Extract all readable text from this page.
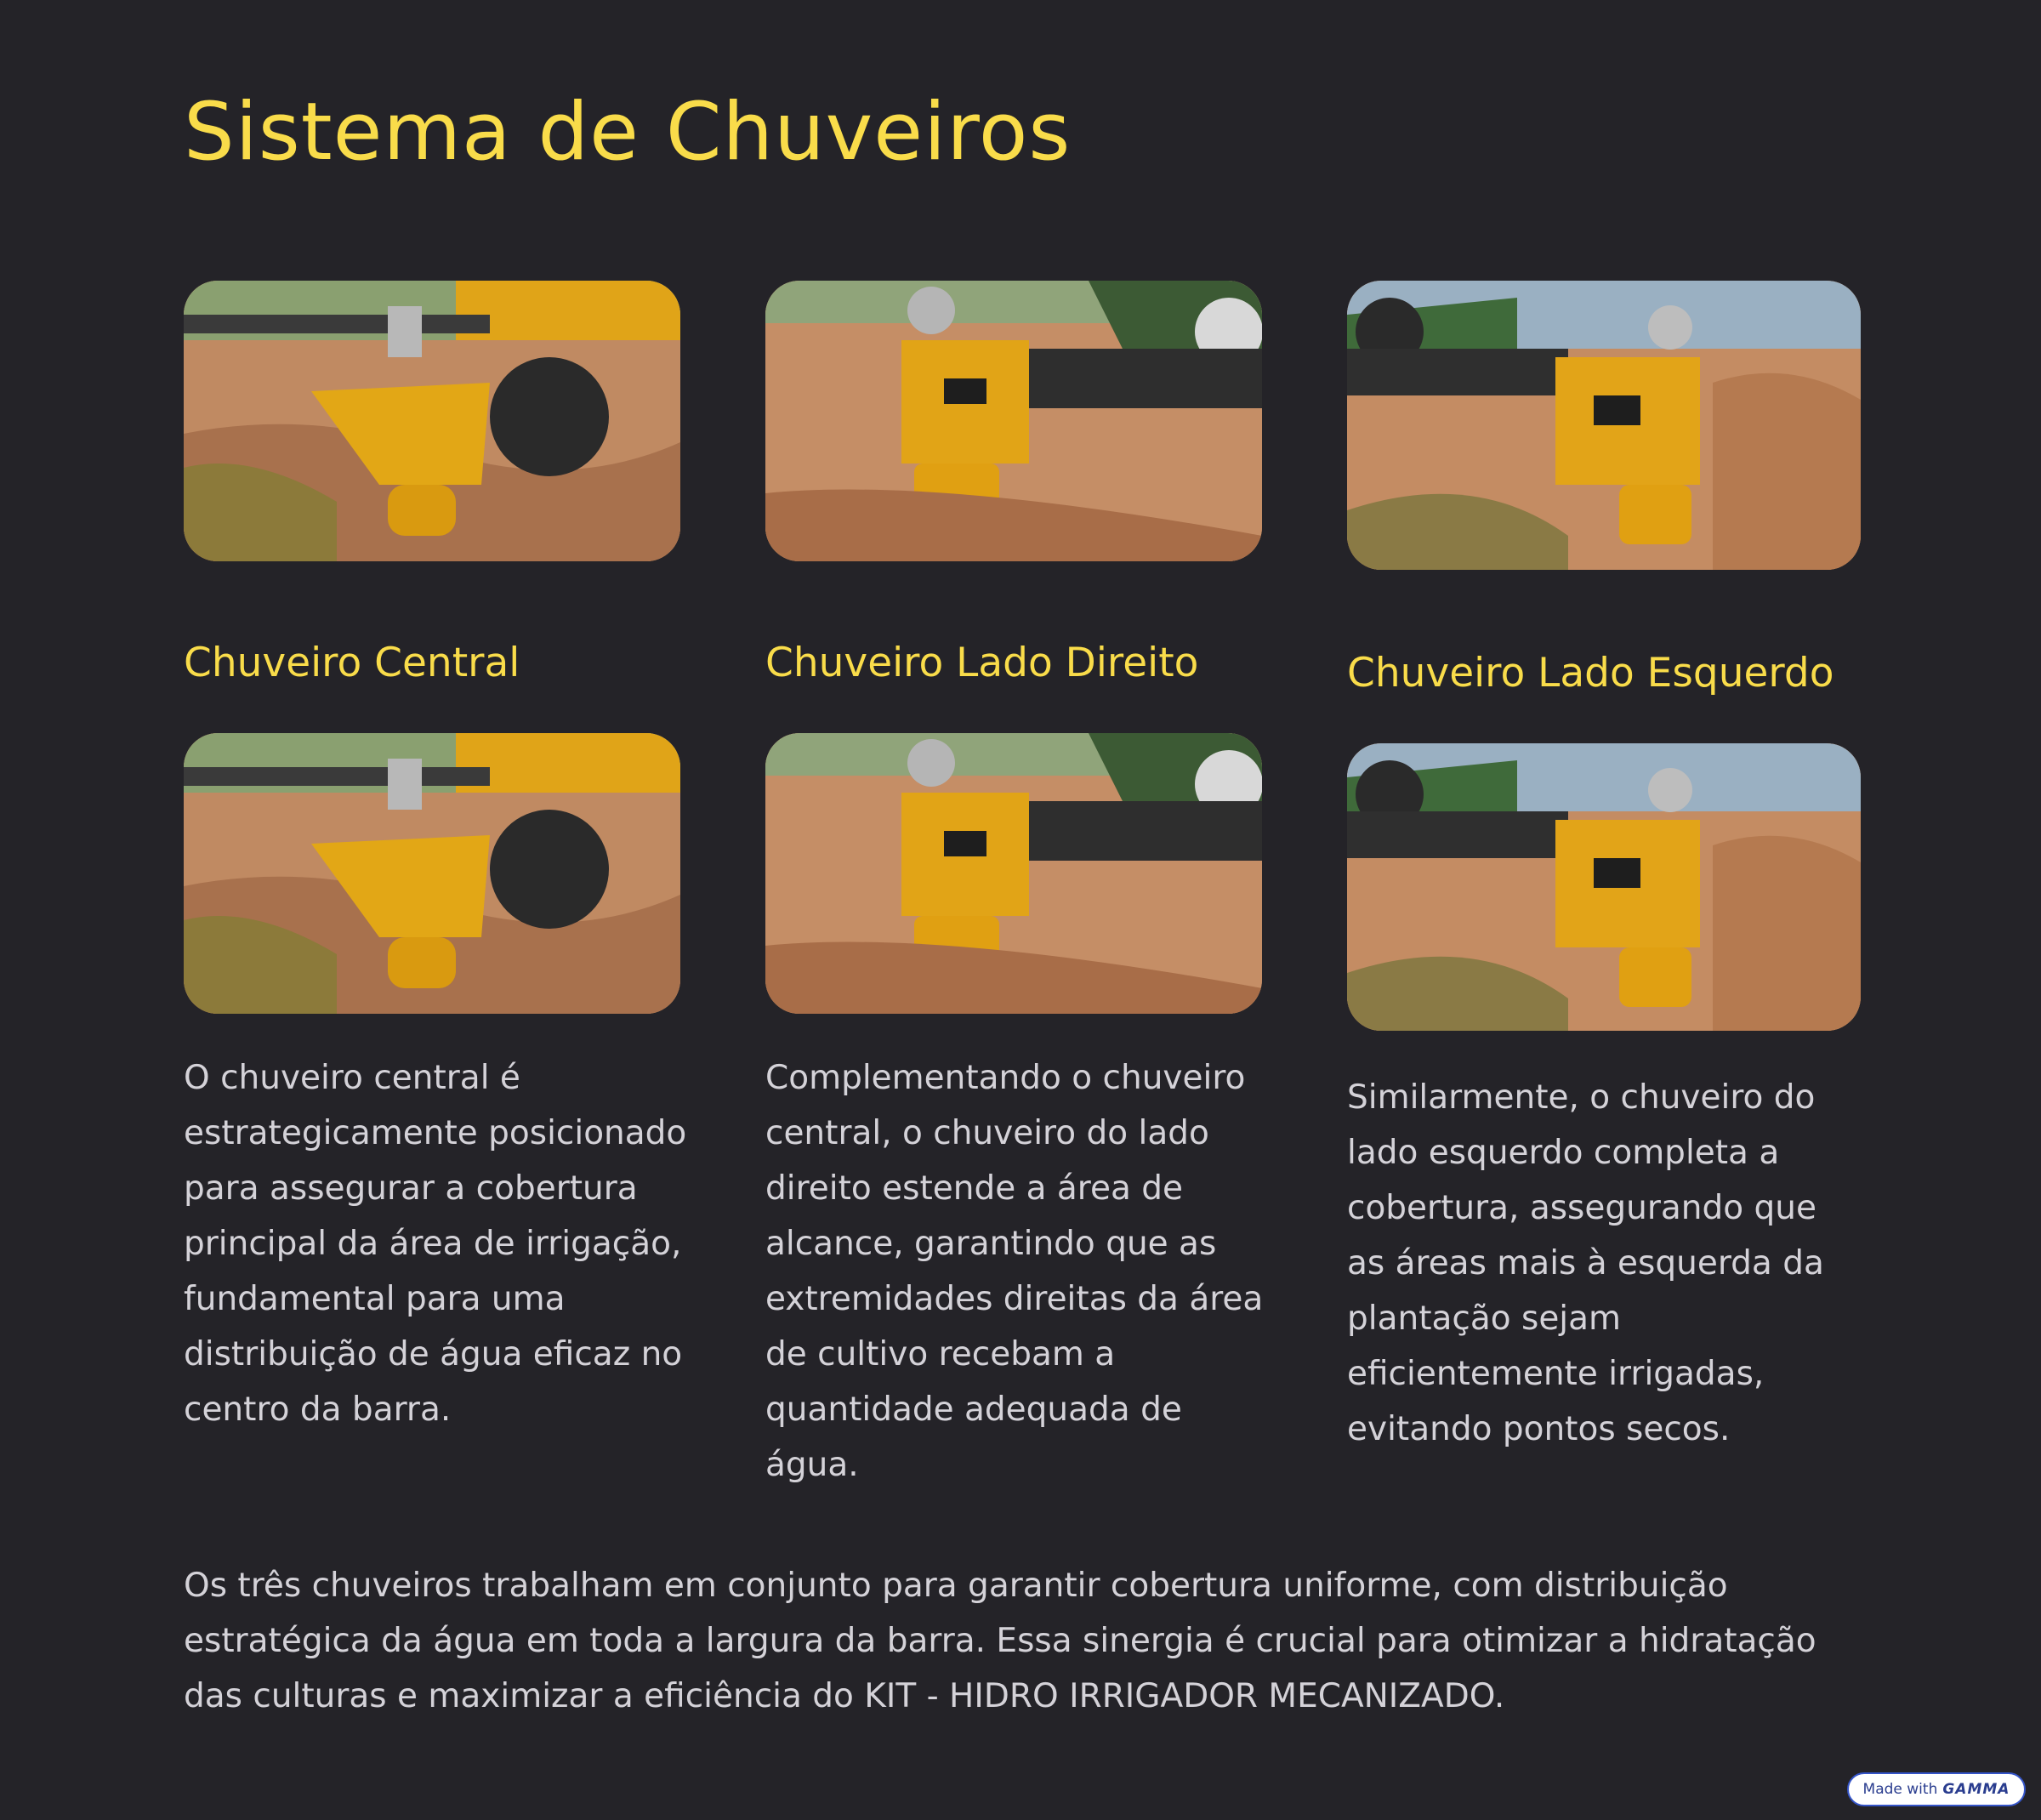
Sistema de Chuveiros
Chuveiro Central

O chuveiro central é estrategicamente posicionado para assegurar a cobertura principal da área de irrigação, fundamental para uma distribuição de água eficaz no centro da barra.

Chuveiro Lado Direito

Complementando o chuveiro central, o chuveiro do lado direito estende a área de alcance, garantindo que as extremidades direitas da área de cultivo recebam a quantidade adequada de água.

Chuveiro Lado Esquerdo

Similarmente, o chuveiro do lado esquerdo completa a cobertura, assegurando que as áreas mais à esquerda da plantação sejam eficientemente irrigadas, evitando pontos secos.

Os três chuveiros trabalham em conjunto para garantir cobertura uniforme, com distribuição estratégica da água em toda a largura da barra. Essa sinergia é crucial para otimizar a hidratação das culturas e maximizar a eficiência do KIT - HIDRO IRRIGADOR MECANIZADO.

Made with GAMMA
